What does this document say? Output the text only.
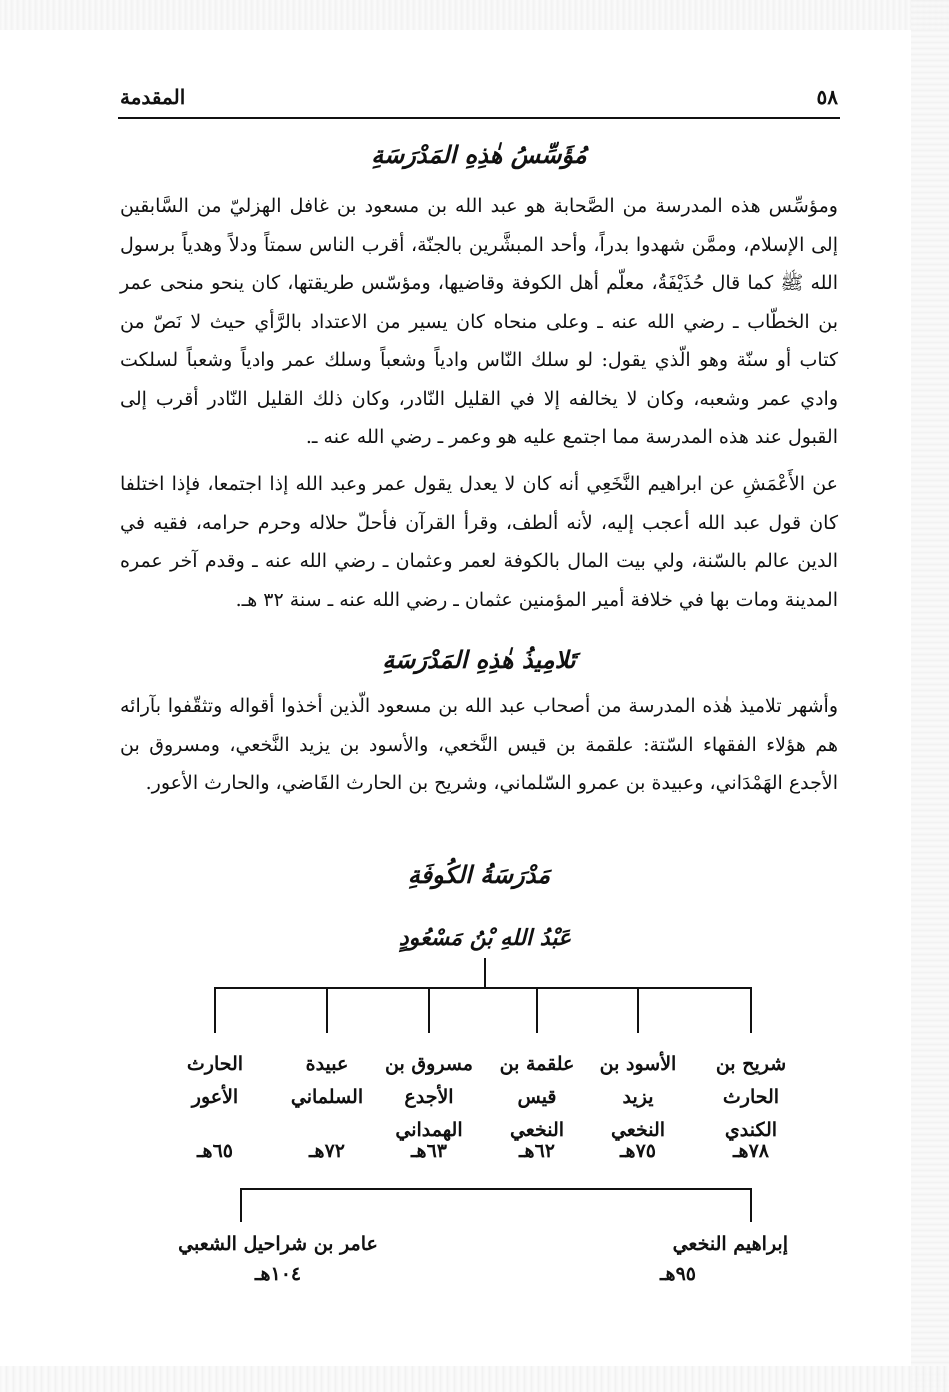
٥٨
المقدمة
مُؤَسِّسُ هٰذِهِ المَدْرَسَةِ
ومؤسِّس هذه المدرسة من الصَّحابة هو عبد الله بن مسعود بن غافل الهزليّ من السَّابقين إلى الإسلام، وممَّن شهدوا بدراً، وأحد المبشَّرين بالجنّة، أقرب الناس سمتاً ودلاً وهدياً برسول الله ﷺ كما قال حُذَيْفَةُ، معلّم أهل الكوفة وقاضيها، ومؤسّس طريقتها، كان ينحو منحى عمر بن الخطّاب ـ رضي الله عنه ـ وعلى منحاه كان يسير من الاعتداد بالرَّأي حيث لا نَصّ من كتاب أو سنّة وهو الّذي يقول: لو سلك النّاس وادياً وشعباً وسلك عمر وادياً وشعباً لسلكت وادي عمر وشعبه، وكان لا يخالفه إلا في القليل النّادر، وكان ذلك القليل النّادر أقرب إلى القبول عند هذه المدرسة مما اجتمع عليه هو وعمر ـ رضي الله عنه ـ.
عن الأَعْمَشِ عن ابراهيم النَّخَعِي أنه كان لا يعدل يقول عمر وعبد الله إذا اجتمعا، فإذا اختلفا كان قول عبد الله أعجب إليه، لأنه ألطف، وقرأ القرآن فأحلّ حلاله وحرم حرامه، فقيه في الدين عالم بالسّنة، ولي بيت المال بالكوفة لعمر وعثمان ـ رضي الله عنه ـ وقدم آخر عمره المدينة ومات بها في خلافة أمير المؤمنين عثمان ـ رضي الله عنه ـ سنة ٣٢ هـ.
تَلامِيذُ هٰذِهِ المَدْرَسَةِ
وأشهر تلاميذ هٰذه المدرسة من أصحاب عبد الله بن مسعود الّذين أخذوا أقواله وتثقّفوا بآرائه هم هؤلاء الفقهاء السّتة: علقمة بن قيس النَّخعي، والأسود بن يزيد النَّخعي، ومسروق بن الأجدع الهَمْدَاني، وعبيدة بن عمرو السّلماني، وشريح بن الحارث القَاضي، والحارث الأعور.
مَدْرَسَةُ الكُوفَةِ
عَبْدُ اللهِ بْنُ مَسْعُودٍ
شريح بن
الحارث
الكندي
الأسود بن
يزيد
النخعي
علقمة بن
قيس
النخعي
مسروق بن
الأجدع
الهمداني
عبيدة
السلماني
الحارث
الأعور
٧٨هـ
٧٥هـ
٦٢هـ
٦٣هـ
٧٢هـ
٦٥هـ
إبراهيم النخعي
٩٥هـ
عامر بن شراحيل الشعبي
١٠٤هـ
